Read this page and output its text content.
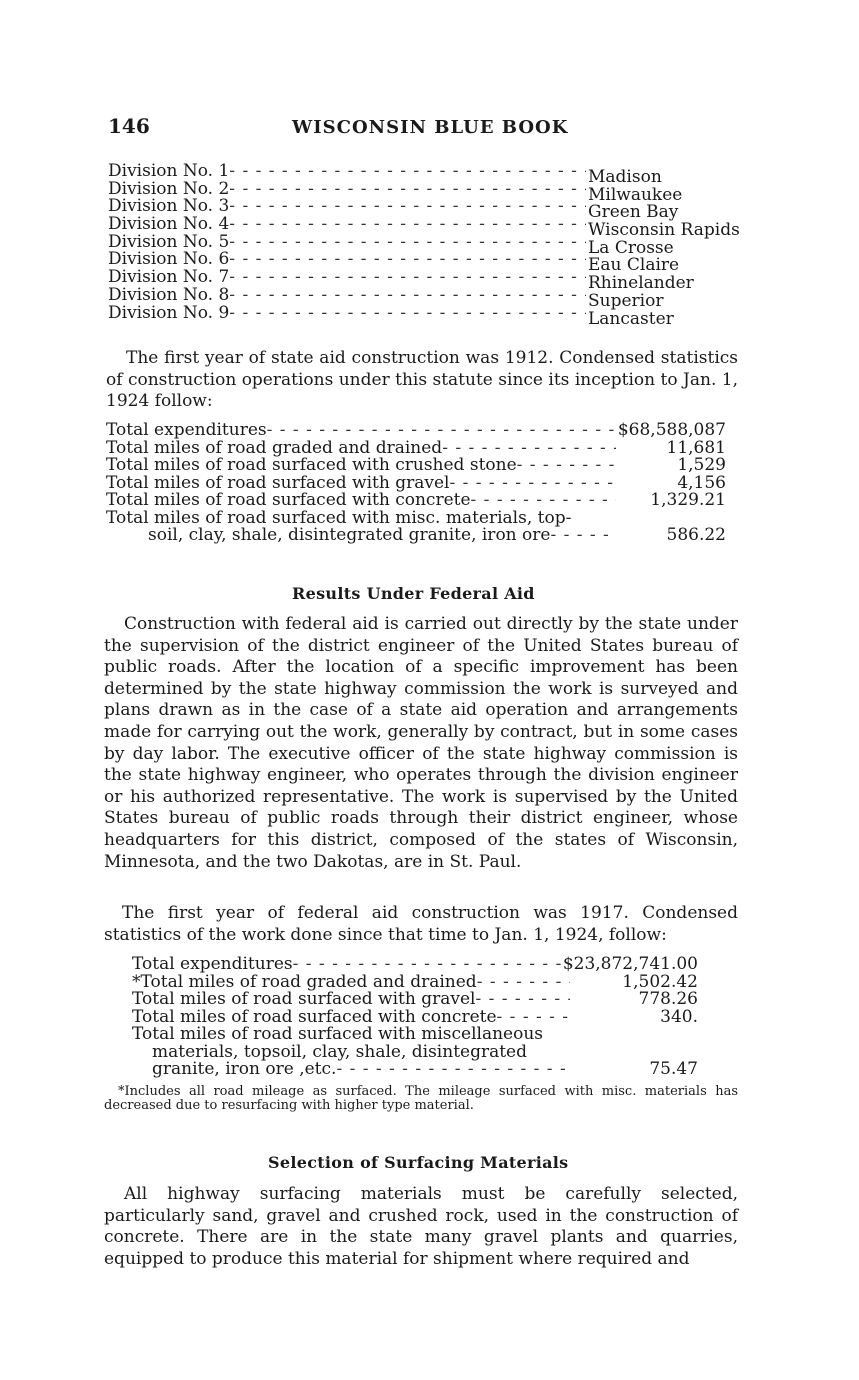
146	WISCONSIN BLUE BOOK
Division No. 1 - - -	Madison
Division No. 2 - - -	Milwaukee
Division No. 3 - - -	Green Bay
Division No. 4 - - -	Wisconsin Rapids
Division No. 5 - - -	La Crosse
Division No. 6 - - -	Eau Claire
Division No. 7 - - -	Rhinelander
Division No. 8 - - -	Superior
Division No. 9 - - -	Lancaster

The first year of state aid construction was 1912. Condensed statistics of construction operations under this statute since its inception to Jan. 1, 1924 follow:

Total expenditures - - -	$68,588,087
Total miles of road graded and drained - - -	11,681
Total miles of road surfaced with crushed stone - - -	1,529
Total miles of road surfaced with gravel - - -	4,156
Total miles of road surfaced with concrete - - -	1,329.21
Total miles of road surfaced with misc. materials, top-
soil, clay, shale, disintegrated granite, iron ore - - -	586.22
Results Under Federal Aid

Construction with federal aid is carried out directly by the state under the supervision of the district engineer of the United States bureau of public roads. After the location of a specific improvement has been determined by the state highway commission the work is surveyed and plans drawn as in the case of a state aid operation and arrangements made for carrying out the work, generally by contract, but in some cases by day labor. The executive officer of the state highway commission is the state highway engineer, who operates through the division engineer or his authorized representative. The work is supervised by the United States bureau of public roads through their district engineer, whose headquarters for this district, composed of the states of Wisconsin, Minnesota, and the two Dakotas, are in St. Paul.

The first year of federal aid construction was 1917. Condensed statistics of the work done since that time to Jan. 1, 1924, follow:

Total expenditures - - -	$23,872,741.00
*Total miles of road graded and drained - - -	1,502.42
Total miles of road surfaced with gravel - - -	778.26
Total miles of road surfaced with concrete - - -	340.
Total miles of road surfaced with miscellaneous
materials, topsoil, clay, shale, disintegrated
granite, iron ore ,etc. - - -	75.47

*Includes all road mileage as surfaced. The mileage surfaced with misc. materials has decreased due to resurfacing with higher type material.

Selection of Surfacing Materials

All highway surfacing materials must be carefully selected, particularly sand, gravel and crushed rock, used in the construction of concrete. There are in the state many gravel plants and quarries, equipped to produce this material for shipment where required and
